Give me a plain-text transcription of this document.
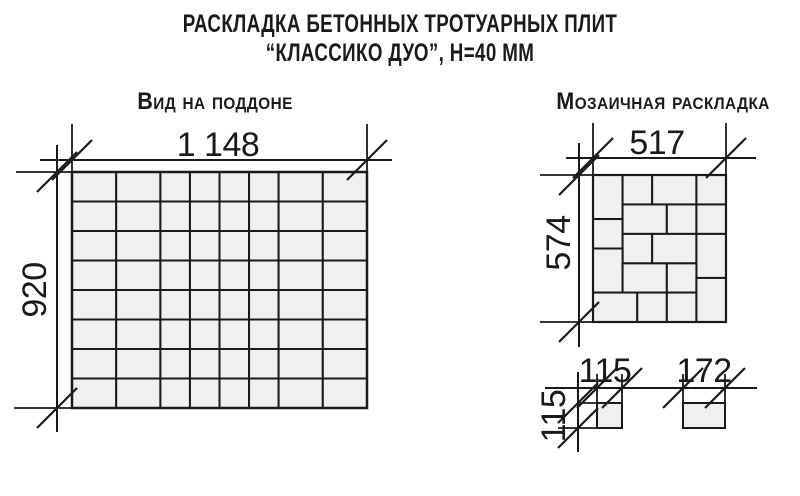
РАСКЛАДКА БЕТОННЫХ ТРОТУАРНЫХ ПЛИТ
“КЛАССИКО ДУО”, Н=40 ММ
Вид на поддоне	Мозаичная раскладка
1 148
920
517
574
115
115
172
